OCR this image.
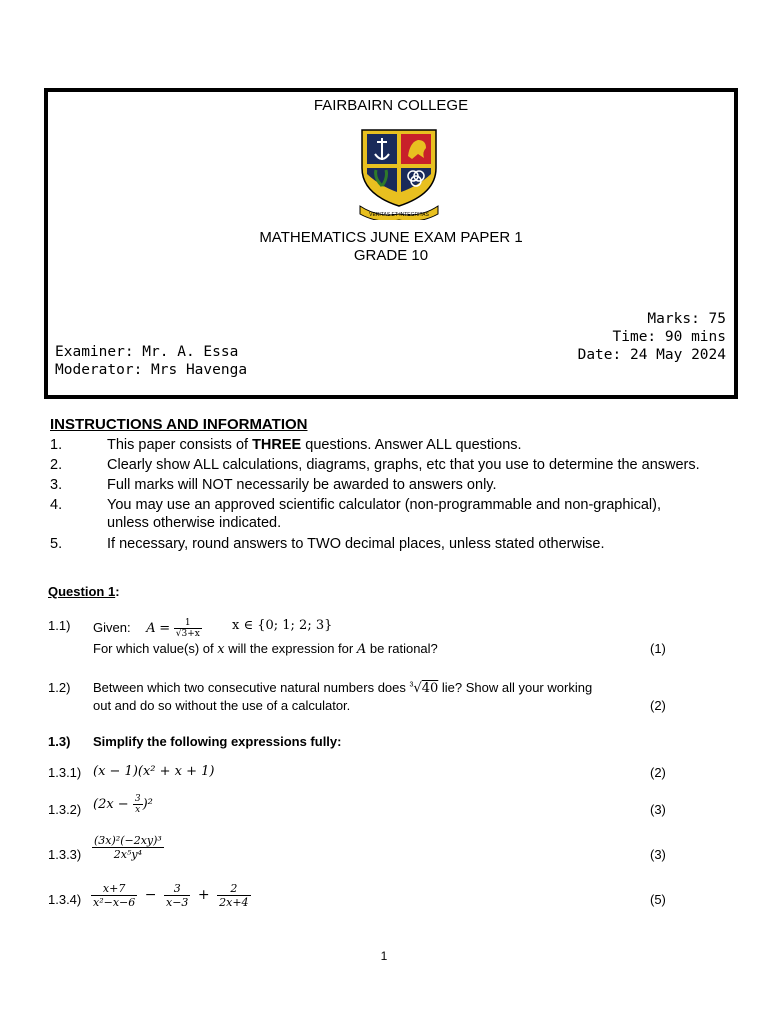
FAIRBAIRN COLLEGE
VERITAS ET INTEGRITAS
MATHEMATICS JUNE EXAM PAPER 1
GRADE 10
Marks: 75
Time: 90 mins
Date: 24 May 2024
Examiner: Mr. A. Essa
Moderator: Mrs Havenga
INSTRUCTIONS AND INFORMATION
1.	This paper consists of THREE questions. Answer ALL questions.
2.	Clearly show ALL calculations, diagrams, graphs, etc that you use to determine the answers.
3.	Full marks will NOT necessarily be awarded to answers only.
4.	You may use an approved scientific calculator (non-programmable and non-graphical),
unless otherwise indicated.
5.	If necessary, round answers to TWO decimal places, unless stated otherwise.
Question 1:
1.1) Given: $A = \frac{1}{√3+x}$ x ∈ {0; 1; 2; 3}
For which value(s) of x will the expression for A be rational?	(1)
1.2) Between which two consecutive natural numbers does $^3$√40 lie? Show all your working
out and do so without the use of a calculator.	(2)
1.3) Simplify the following expressions fully:
1.3.1) (x − 1)(x² + x + 1)	(2)
1.3.2) $(2x - \frac{3}{x} )^2$	(3)
$1.3.3) \frac{\text{(3x)²(−2xy)³}}{\text{2x⁵y⁴}}$	(3)
$1.3.4) \frac{x+7}{\text{x²−x−6}} - \frac{3}{x-3} + \frac{2}{2x+4}$	(5)
1
